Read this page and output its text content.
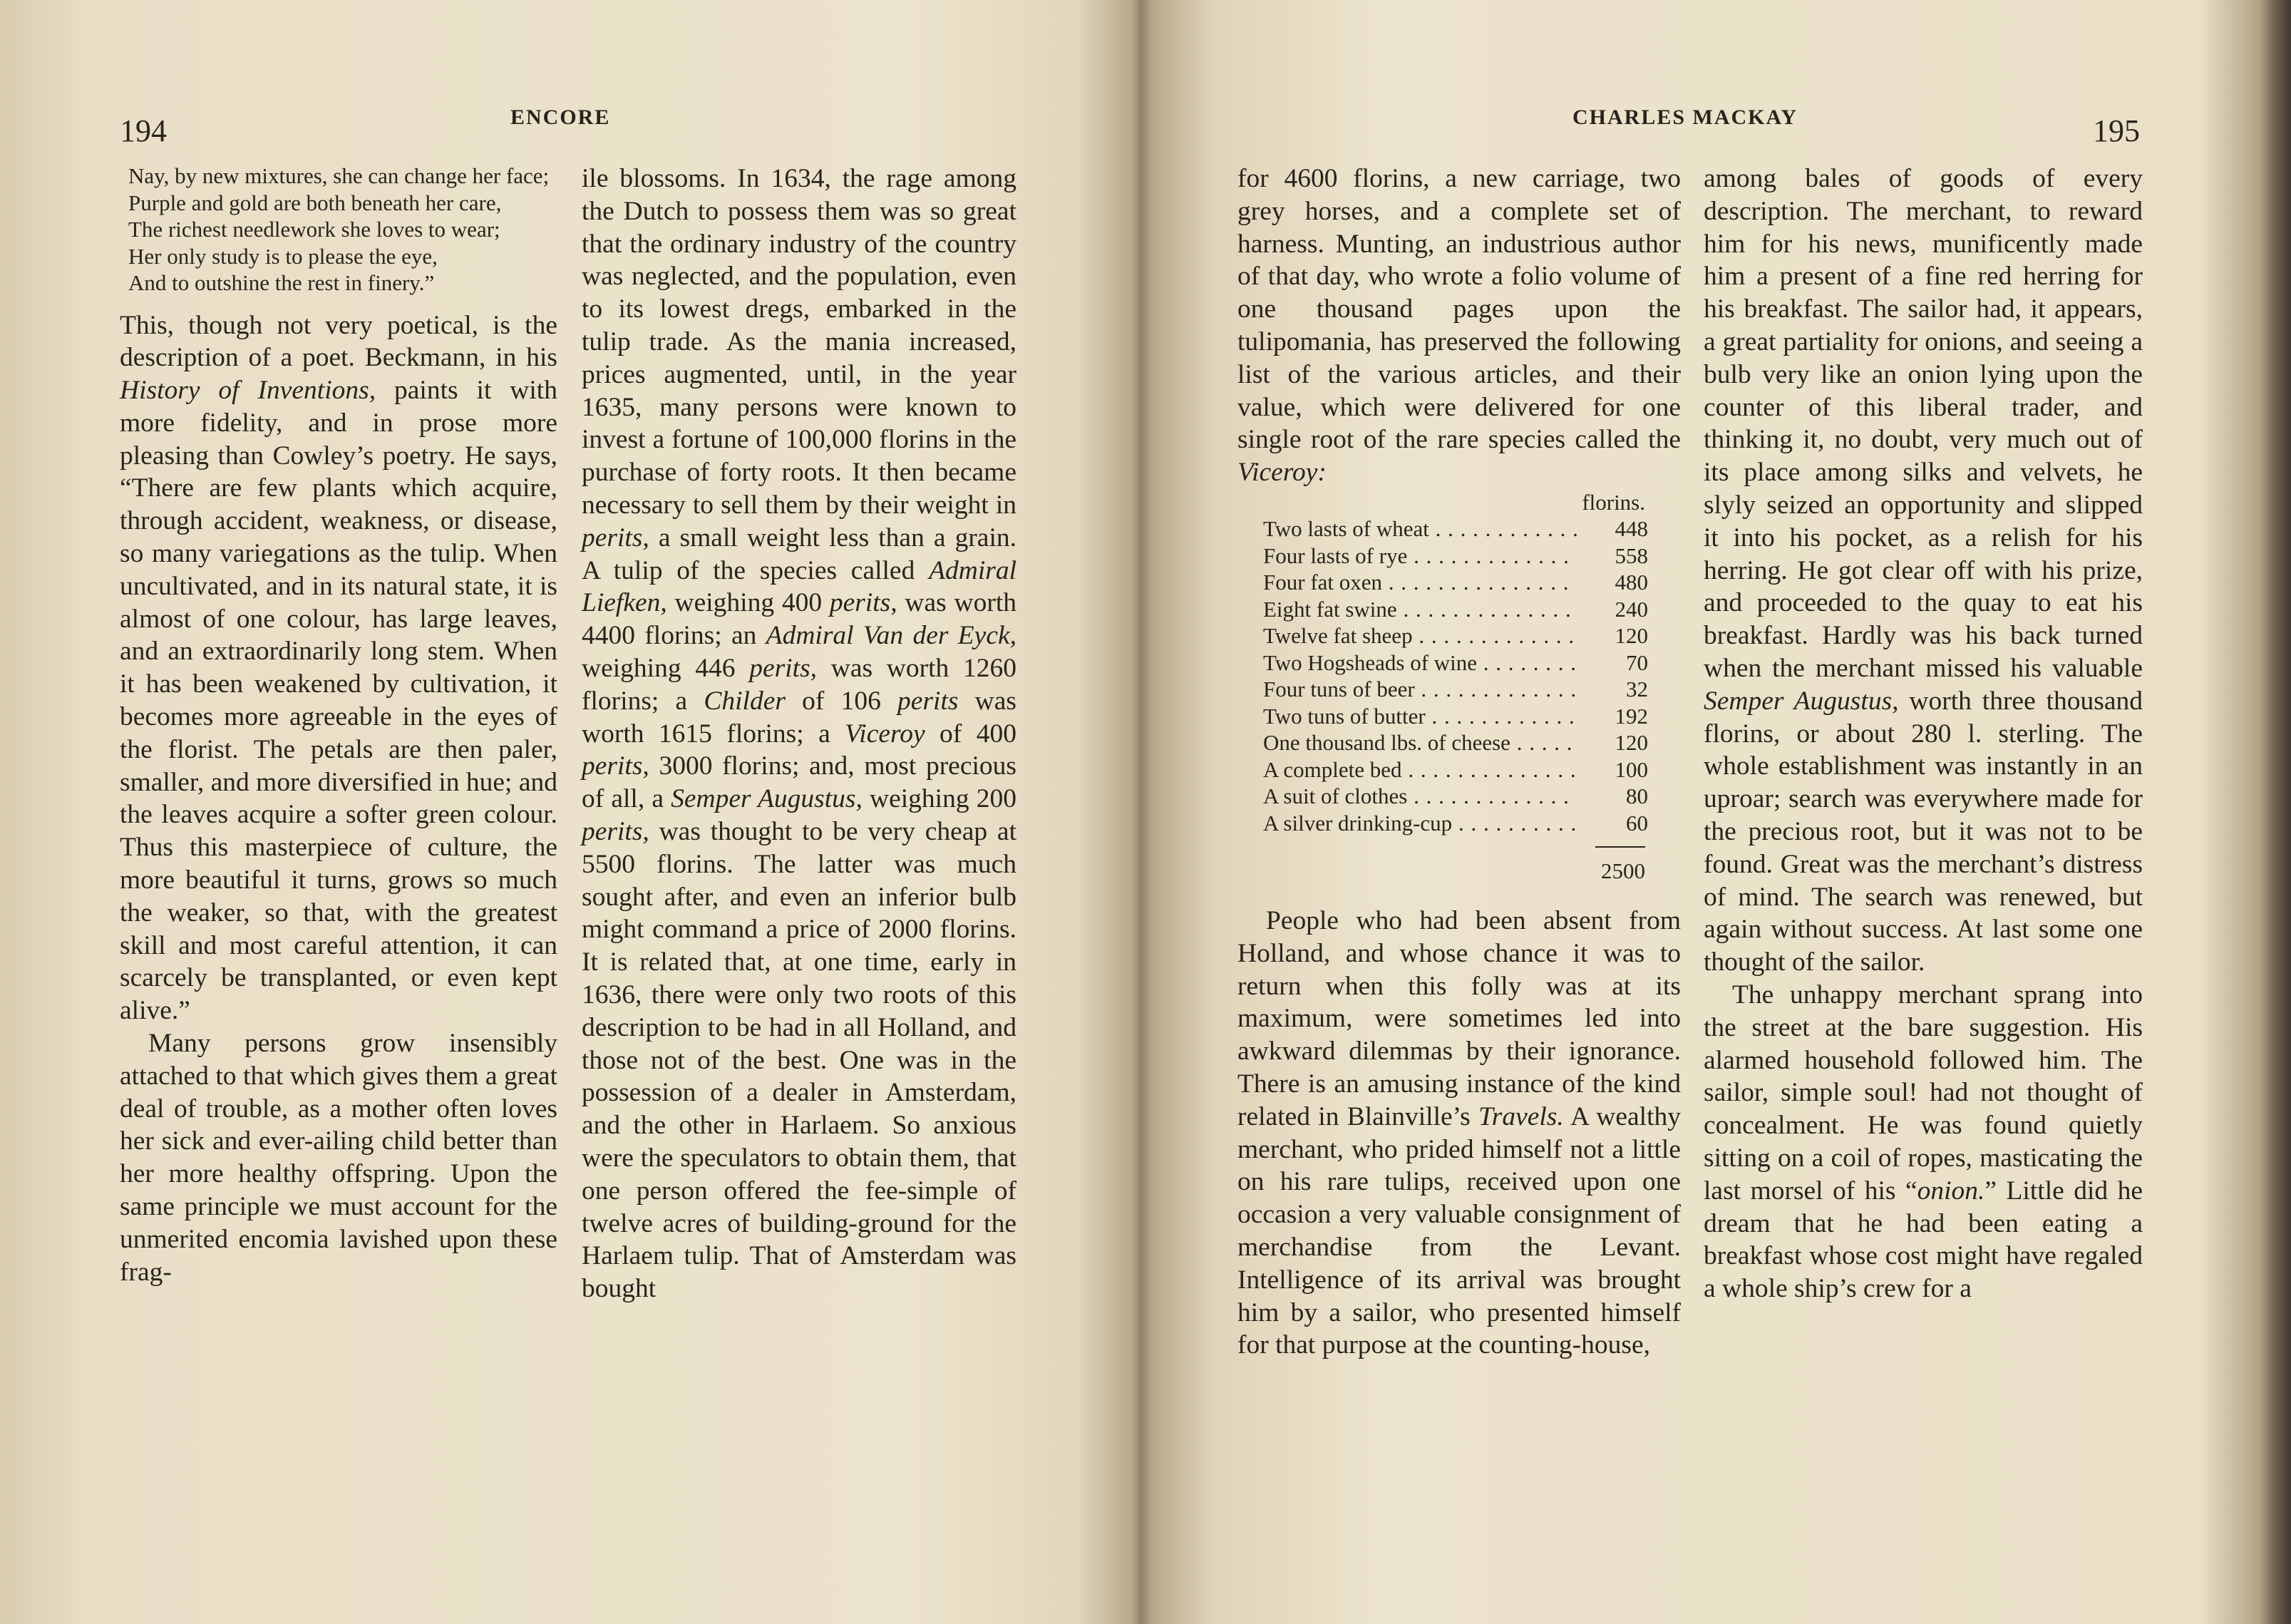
194	ENCORE

Nay, by new mixtures, she can change her face;

Purple and gold are both beneath her care,

The richest needlework she loves to wear;

Her only study is to please the eye,

And to outshine the rest in finery.”

This, though not very poetical, is the description of a poet. Beckmann, in his History of Inventions, paints it with more fidelity, and in prose more pleasing than Cowley’s poetry. He says, “There are few plants which acquire, through accident, weakness, or disease, so many variegations as the tulip. When uncultivated, and in its natural state, it is almost of one colour, has large leaves, and an extraordinarily long stem. When it has been weakened by cultivation, it becomes more agreeable in the eyes of the florist. The petals are then paler, smaller, and more diversified in hue; and the leaves acquire a softer green colour. Thus this masterpiece of culture, the more beautiful it turns, grows so much the weaker, so that, with the greatest skill and most careful attention, it can scarcely be transplanted, or even kept alive.”

Many persons grow insensibly attached to that which gives them a great deal of trouble, as a mother often loves her sick and ever-ailing child better than her more healthy offspring. Upon the same principle we must account for the unmerited encomia lavished upon these frag-

ile blossoms. In 1634, the rage among the Dutch to possess them was so great that the ordinary industry of the country was neglected, and the population, even to its lowest dregs, embarked in the tulip trade. As the mania increased, prices augmented, until, in the year 1635, many persons were known to invest a fortune of 100,000 florins in the purchase of forty roots. It then became necessary to sell them by their weight in perits, a small weight less than a grain. A tulip of the species called Admiral Liefken, weighing 400 perits, was worth 4400 florins; an Admiral Van der Eyck, weighing 446 perits, was worth 1260 florins; a Childer of 106 perits was worth 1615 florins; a Viceroy of 400 perits, 3000 florins; and, most precious of all, a Semper Augustus, weighing 200 perits, was thought to be very cheap at 5500 florins. The latter was much sought after, and even an inferior bulb might command a price of 2000 florins. It is related that, at one time, early in 1636, there were only two roots of this description to be had in all Holland, and those not of the best. One was in the possession of a dealer in Amsterdam, and the other in Harlaem. So anxious were the speculators to obtain them, that one person offered the fee-simple of twelve acres of building-ground for the Harlaem tulip. That of Amsterdam was bought

CHARLES MACKAY	195

for 4600 florins, a new carriage, two grey horses, and a complete set of harness. Munting, an industrious author of that day, who wrote a folio volume of one thousand pages upon the tulipomania, has preserved the following list of the various articles, and their value, which were delivered for one single root of the rare species called the Viceroy:

florins.
Two lasts of wheat . . .	448
Four lasts of rye . . .	558
Four fat oxen . . .	480
Eight fat swine . . .	240
Twelve fat sheep . . .	120
Two Hogsheads of wine . . .	70
Four tuns of beer . . .	32
Two tuns of butter . . .	192
One thousand lbs. of cheese . . .	120
A complete bed . . .	100
A suit of clothes . . .	80
A silver drinking-cup . . .	60
2500

People who had been absent from Holland, and whose chance it was to return when this folly was at its maximum, were sometimes led into awkward dilemmas by their ignorance. There is an amusing instance of the kind related in Blainville’s Travels. A wealthy merchant, who prided himself not a little on his rare tulips, received upon one occasion a very valuable consignment of merchandise from the Levant. Intelligence of its arrival was brought him by a sailor, who presented himself for that purpose at the counting-house,

among bales of goods of every description. The merchant, to reward him for his news, munificently made him a present of a fine red herring for his breakfast. The sailor had, it appears, a great partiality for onions, and seeing a bulb very like an onion lying upon the counter of this liberal trader, and thinking it, no doubt, very much out of its place among silks and velvets, he slyly seized an opportunity and slipped it into his pocket, as a relish for his herring. He got clear off with his prize, and proceeded to the quay to eat his breakfast. Hardly was his back turned when the merchant missed his valuable Semper Augustus, worth three thousand florins, or about 280 l. sterling. The whole establishment was instantly in an uproar; search was everywhere made for the precious root, but it was not to be found. Great was the merchant’s distress of mind. The search was renewed, but again without success. At last some one thought of the sailor.

The unhappy merchant sprang into the street at the bare suggestion. His alarmed household followed him. The sailor, simple soul! had not thought of concealment. He was found quietly sitting on a coil of ropes, masticating the last morsel of his “onion.” Little did he dream that he had been eating a breakfast whose cost might have regaled a whole ship’s crew for a
